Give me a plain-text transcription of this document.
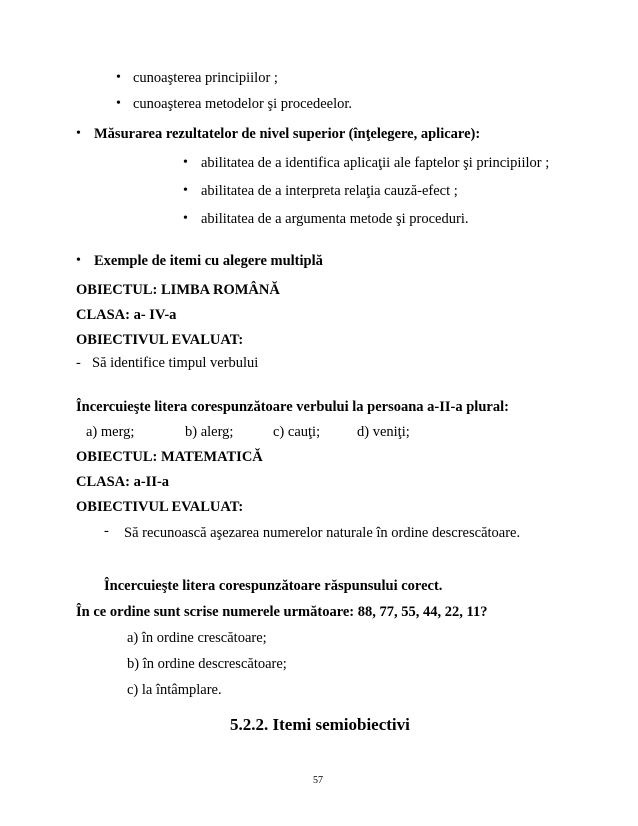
• cunoaşterea principiilor ;
• cunoaşterea metodelor şi procedeelor.
• Măsurarea rezultatelor de nivel superior (înţelegere, aplicare):
• abilitatea de a identifica aplicaţii ale faptelor şi principiilor ;
• abilitatea de a interpreta relaţia cauză-efect ;
• abilitatea de a argumenta metode şi proceduri.
• Exemple de itemi cu alegere multiplă
OBIECTUL: LIMBA ROMÂNĂ
CLASA: a- IV-a
OBIECTIVUL EVALUAT:
- Să identifice timpul verbului
Încercuieşte litera corespunzătoare verbului la persoana a-II-a plural:
a) merg;	b) alerg;	c) cauţi;	d) veniţi;
OBIECTUL: MATEMATICĂ
CLASA: a-II-a
OBIECTIVUL EVALUAT:
- Să recunoască aşezarea numerelor naturale în ordine descrescătoare.
Încercuieşte litera corespunzătoare răspunsului corect.
În ce ordine sunt scrise numerele următoare: 88, 77, 55, 44, 22, 11?
a) în ordine crescătoare;
b) în ordine descrescătoare;
c) la întâmplare.
5.2.2. Itemi semiobiectivi
57
